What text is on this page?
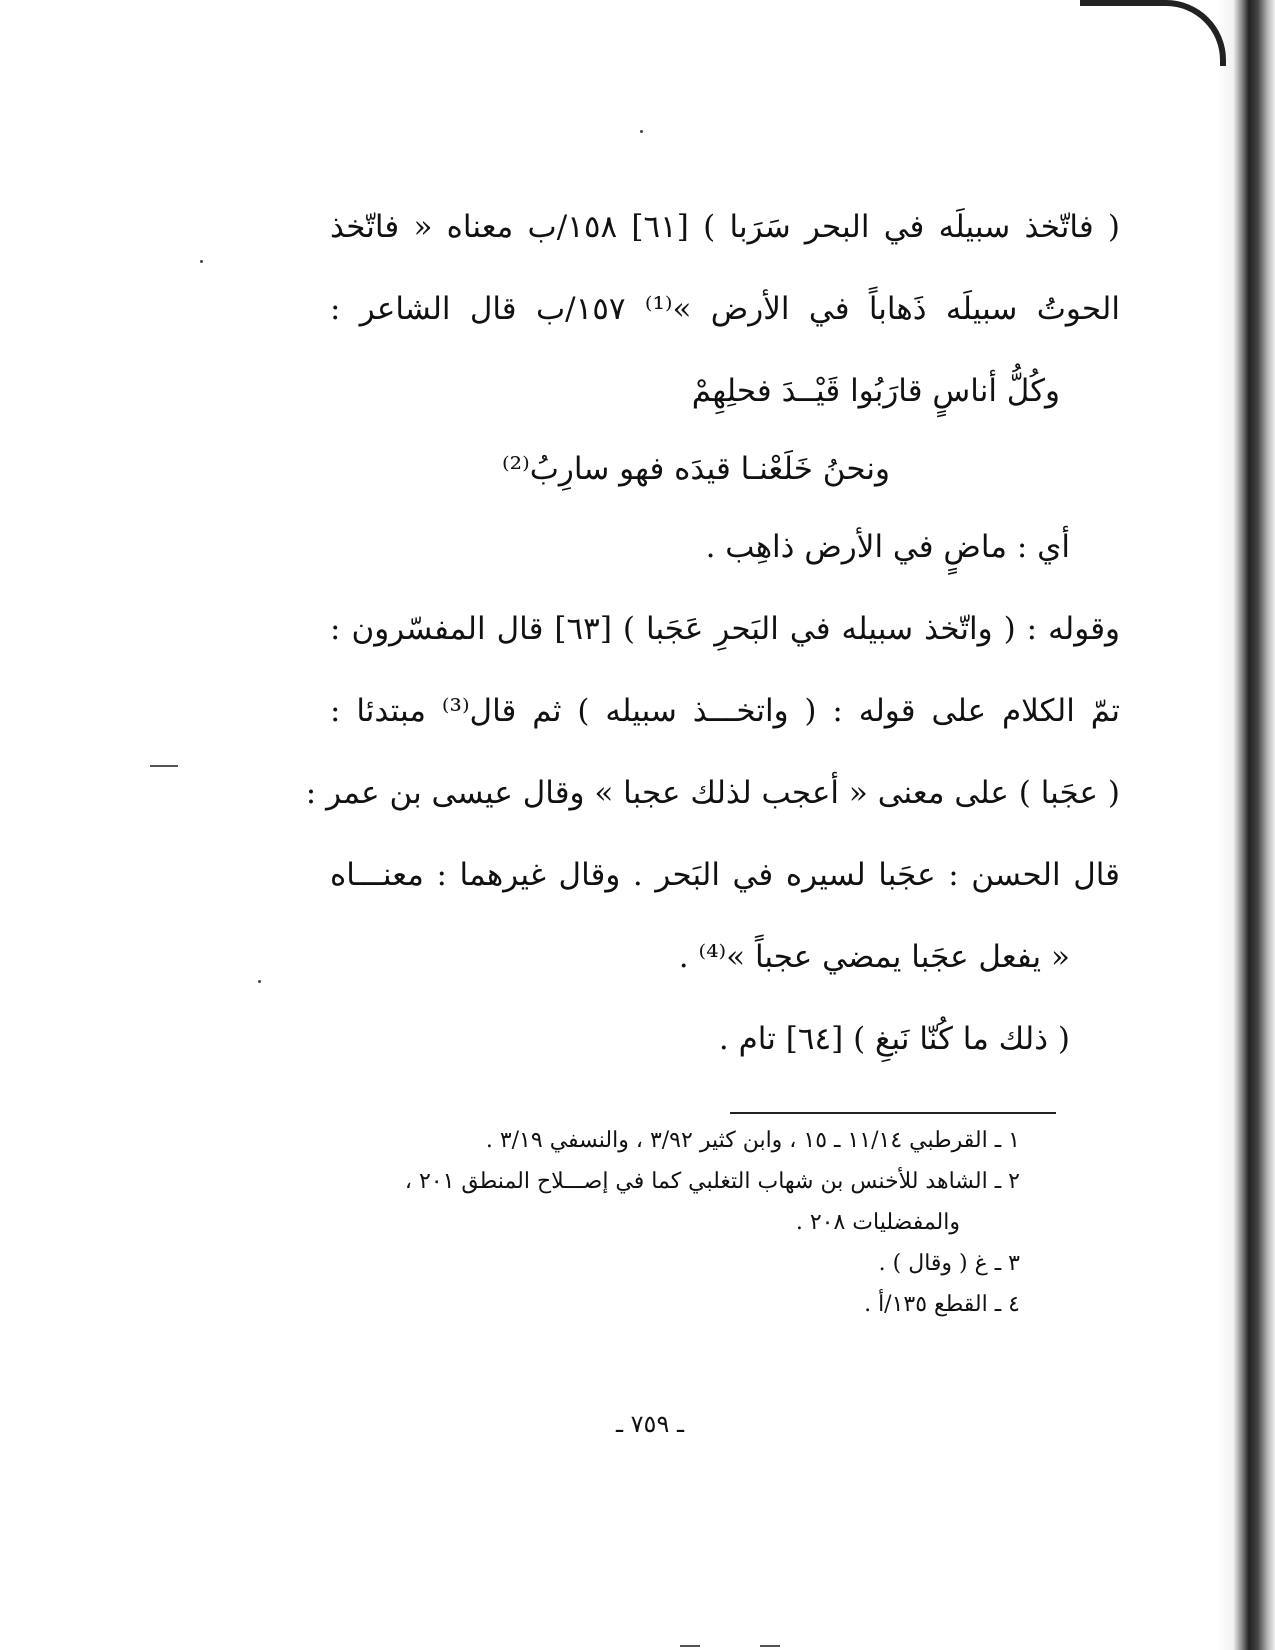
( فاتّخذ سبيلَه في البحر سَرَبا ) [٦١] ١٥٨/ب معناه « فاتّخذ
الحوتُ سبيلَه ذَهاباً في الأرض »⁽¹⁾ ١٥٧/ب قال الشاعر :
وكُلُّ أناسٍ قارَبُوا قَيْــدَ فحلِهِمْ
ونحنُ خَلَعْنـا قيدَه فهو سارِبُ⁽²⁾
أي : ماضٍ في الأرض ذاهِب .
وقوله : ( واتّخذ سبيله في البَحرِ عَجَبا ) [٦٣] قال المفسّرون :
تمّ الكلام على قوله : ( واتخـــذ سبيله ) ثم قال⁽³⁾ مبتدئا :
( عجَبا ) على معنى « أعجب لذلك عجبا » وقال عيسى بن عمر :
قال الحسن : عجَبا لسيره في البَحر . وقال غيرهما : معنـــاه
« يفعل عجَبا يمضي عجباً »⁽⁴⁾ .
( ذلك ما كُنّا نَبغِ ) [٦٤] تام .
١ ـ القرطبي ١١/١٤ ـ ١٥ ، وابن كثير ٣/٩٢ ، والنسفي ٣/١٩ .
٢ ـ الشاهد للأخنس بن شهاب التغلبي كما في إصـــلاح المنطق ٢٠١ ،
والمفضليات ٢٠٨ .
٣ ـ غ ( وقال ) .
٤ ـ القطع ١٣٥/أ .
ـ ٧٥٩ ـ
